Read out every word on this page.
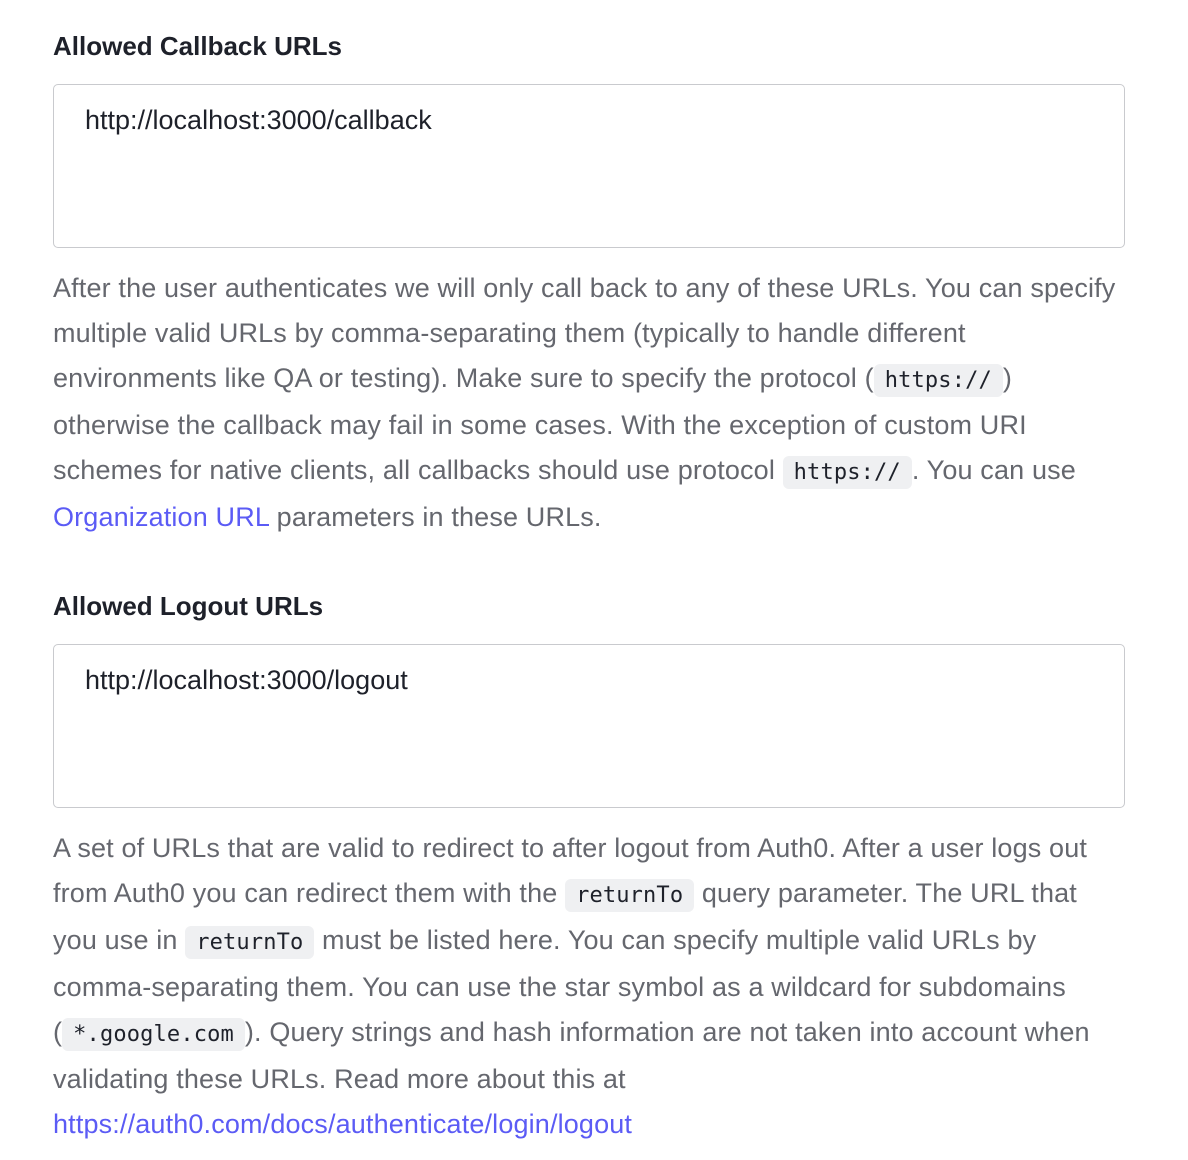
Allowed Callback URLs
http://localhost:3000/callback
After the user authenticates we will only call back to any of these URLs. You can specify multiple valid URLs by comma-separating them (typically to handle different environments like QA or testing). Make sure to specify the protocol ( https:// ) otherwise the callback may fail in some cases. With the exception of custom URI schemes for native clients, all callbacks should use protocol https:// . You can use Organization URL parameters in these URLs.
Allowed Logout URLs
http://localhost:3000/logout
A set of URLs that are valid to redirect to after logout from Auth0. After a user logs out from Auth0 you can redirect them with the returnTo query parameter. The URL that you use in returnTo must be listed here. You can specify multiple valid URLs by comma-separating them. You can use the star symbol as a wildcard for subdomains ( *.google.com ). Query strings and hash information are not taken into account when validating these URLs. Read more about this at https://auth0.com/docs/authenticate/login/logout
